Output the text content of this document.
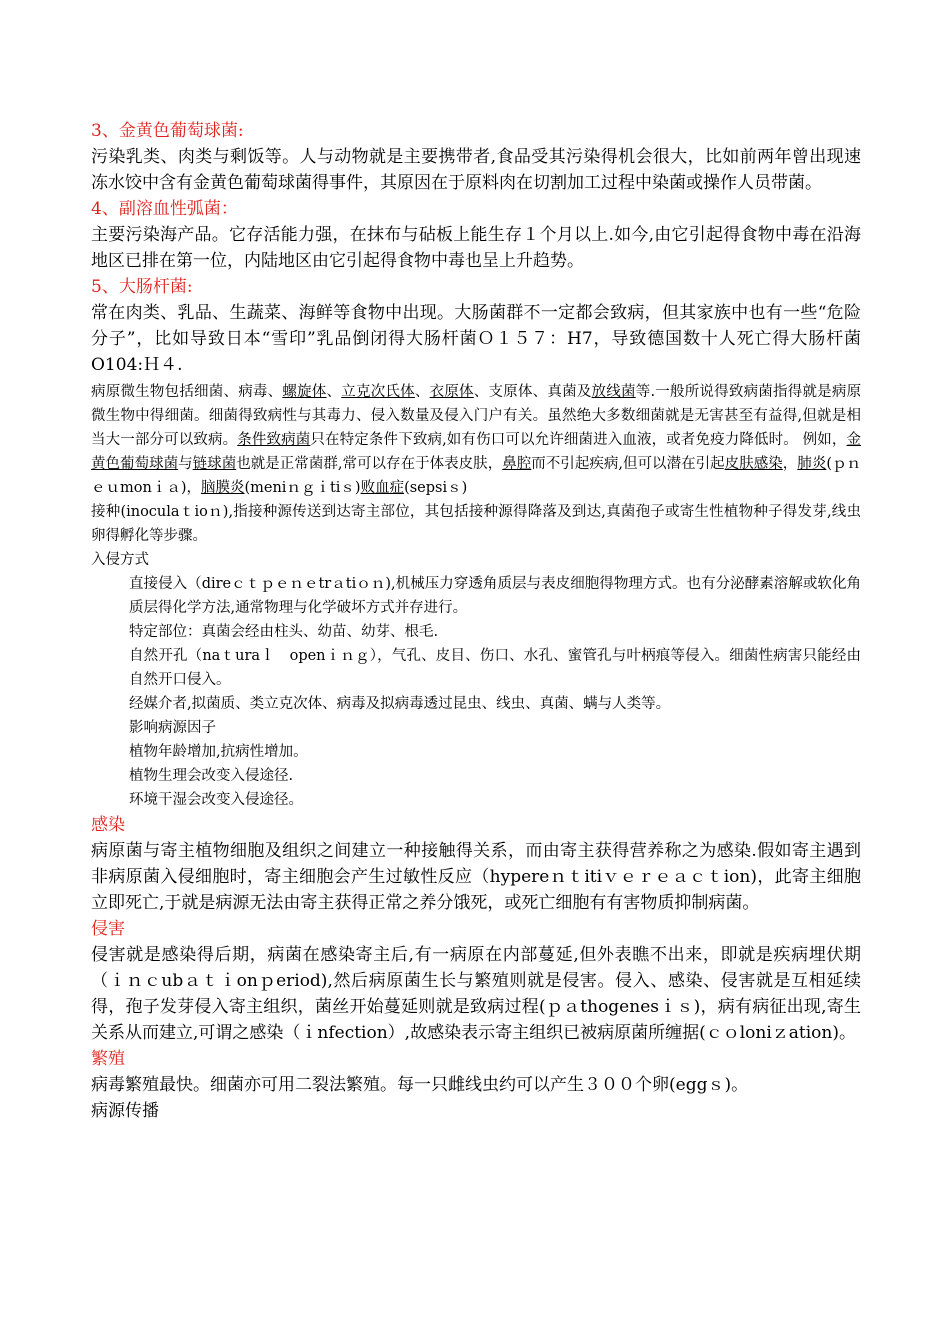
3、金黄色葡萄球菌:

污染乳类、肉类与剩饭等。人与动物就是主要携带者,食品受其污染得机会很大，比如前两年曾出现速冻水饺中含有金黄色葡萄球菌得事件，其原因在于原料肉在切割加工过程中染菌或操作人员带菌。

4、副溶血性弧菌：

主要污染海产品。它存活能力强，在抹布与砧板上能生存１个月以上.如今,由它引起得食物中毒在沿海地区已排在第一位，内陆地区由它引起得食物中毒也呈上升趋势。

5、大肠杆菌:

常在肉类、乳品、生蔬菜、海鲜等食物中出现。大肠菌群不一定都会致病，但其家族中也有一些“危险分子”，比如导致日本“雪印”乳品倒闭得大肠杆菌Ｏ１５７：H7，导致德国数十人死亡得大肠杆菌O104:Ｈ４.

病原微生物包括细菌、病毒、螺旋体、立克次氏体、衣原体、支原体、真菌及放线菌等.一般所说得致病菌指得就是病原微生物中得细菌。细菌得致病性与其毒力、侵入数量及侵入门户有关。虽然绝大多数细菌就是无害甚至有益得,但就是相当大一部分可以致病。条件致病菌只在特定条件下致病,如有伤口可以允许细菌进入血液，或者免疫力降低时。 例如，金黄色葡萄球菌与链球菌也就是正常菌群,常可以存在于体表皮肤，鼻腔而不引起疾病,但可以潜在引起皮肤感染，肺炎(ｐｎｅｕmonｉａ)，脑膜炎(meniｎｇｉtiｓ)败血症(sepsiｓ)

接种(inoculaｔioｎ),指接种源传送到达寄主部位，其包括接种源得降落及到达,真菌孢子或寄生性植物种子得发芽,线虫卵得孵化等步骤。

入侵方式

直接侵入（direｃｔｐｅｎｅtrａtiｏｎ),机械压力穿透角质层与表皮细胞得物理方式。也有分泌酵素溶解或软化角质层得化学方法,通常物理与化学破坏方式并存进行。

特定部位：真菌会经由柱头、幼苗、幼芽、根毛.

自然开孔（naｔuraｌ　openｉｎｇ），气孔、皮目、伤口、水孔、蜜管孔与叶柄痕等侵入。细菌性病害只能经由自然开口侵入。

经媒介者,拟菌质、类立克次体、病毒及拟病毒透过昆虫、线虫、真菌、螨与人类等。

影响病源因子

植物年龄增加,抗病性增加。

植物生理会改变入侵途径.

环境干湿会改变入侵途径。

感染

病原菌与寄主植物细胞及组织之间建立一种接触得关系，而由寄主获得营养称之为感染.假如寄主遇到非病原菌入侵细胞时，寄主细胞会产生过敏性反应（hypereｎｔitiｖｅｒｅａｃｔion)，此寄主细胞立即死亡,于就是病源无法由寄主获得正常之养分饿死，或死亡细胞有有害物质抑制病菌。

侵害

侵害就是感染得后期，病菌在感染寄主后,有一病原在内部蔓延,但外表瞧不出来，即就是疾病埋伏期（ｉｎｃubａｔｉonｐeriod),然后病原菌生长与繁殖则就是侵害。侵入、感染、侵害就是互相延续得，孢子发芽侵入寄主组织，菌丝开始蔓延则就是致病过程(ｐａthogenesｉｓ)，病有病征出现,寄生关系从而建立,可谓之感染（ｉnfection）,故感染表示寄主组织已被病原菌所缠据(ｃｏloniｚation)。

繁殖

病毒繁殖最快。细菌亦可用二裂法繁殖。每一只雌线虫约可以产生３００个卵(eggｓ)。

病源传播
